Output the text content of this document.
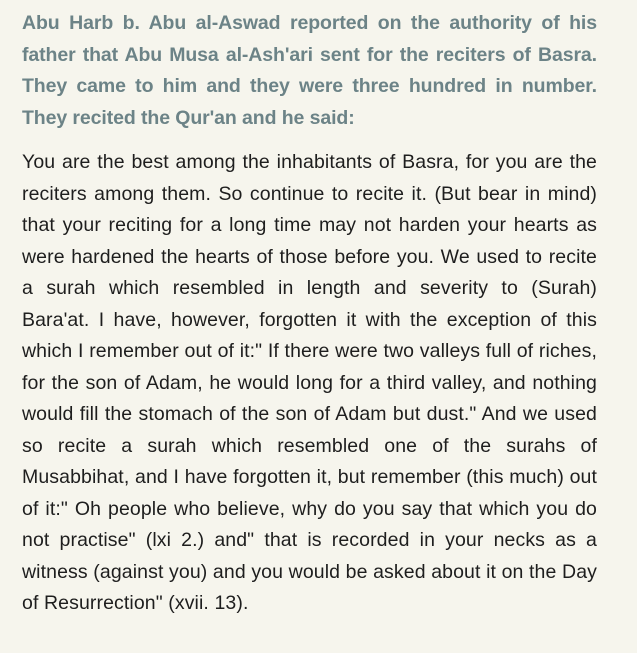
Abu Harb b. Abu al-Aswad reported on the authority of his father that Abu Musa al-Ash'ari sent for the reciters of Basra. They came to him and they were three hundred in number. They recited the Qur'an and he said:

You are the best among the inhabitants of Basra, for you are the reciters among them. So continue to recite it. (But bear in mind) that your reciting for a long time may not harden your hearts as were hardened the hearts of those before you. We used to recite a surah which resembled in length and severity to (Surah) Bara'at. I have, however, forgotten it with the exception of this which I remember out of it:" If there were two valleys full of riches, for the son of Adam, he would long for a third valley, and nothing would fill the stomach of the son of Adam but dust." And we used so recite a surah which resembled one of the surahs of Musabbihat, and I have forgotten it, but remember (this much) out of it:" Oh people who believe, why do you say that which you do not practise" (lxi 2.) and" that is recorded in your necks as a witness (against you) and you would be asked about it on the Day of Resurrection" (xvii. 13).
